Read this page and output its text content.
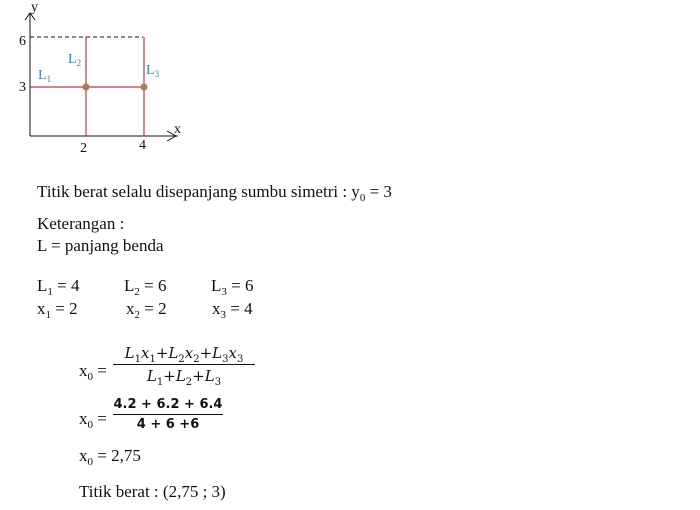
y
x
6
3
2	4
$L_1$
$L_2$	$L_3$
Titik berat selalu disepanjang sumbu simetri : $y_0 = 3$
Keterangan :
L = panjang benda
$L_1 = 4$	$L_2 = 6$	$L_3 = 6$
$x_1 = 2$	$x_2 = 2$	$x_3 = 4$
$x_0$ =
$L_1x_1+L_2x_2+L_3x_3$
$L_1+L_2+L_3$
$x_0$ =
4.2 + 6.2 + 6.4
4 + 6 +6
$x_0 = 2,75$
Titik berat : (2,75 ; 3)
